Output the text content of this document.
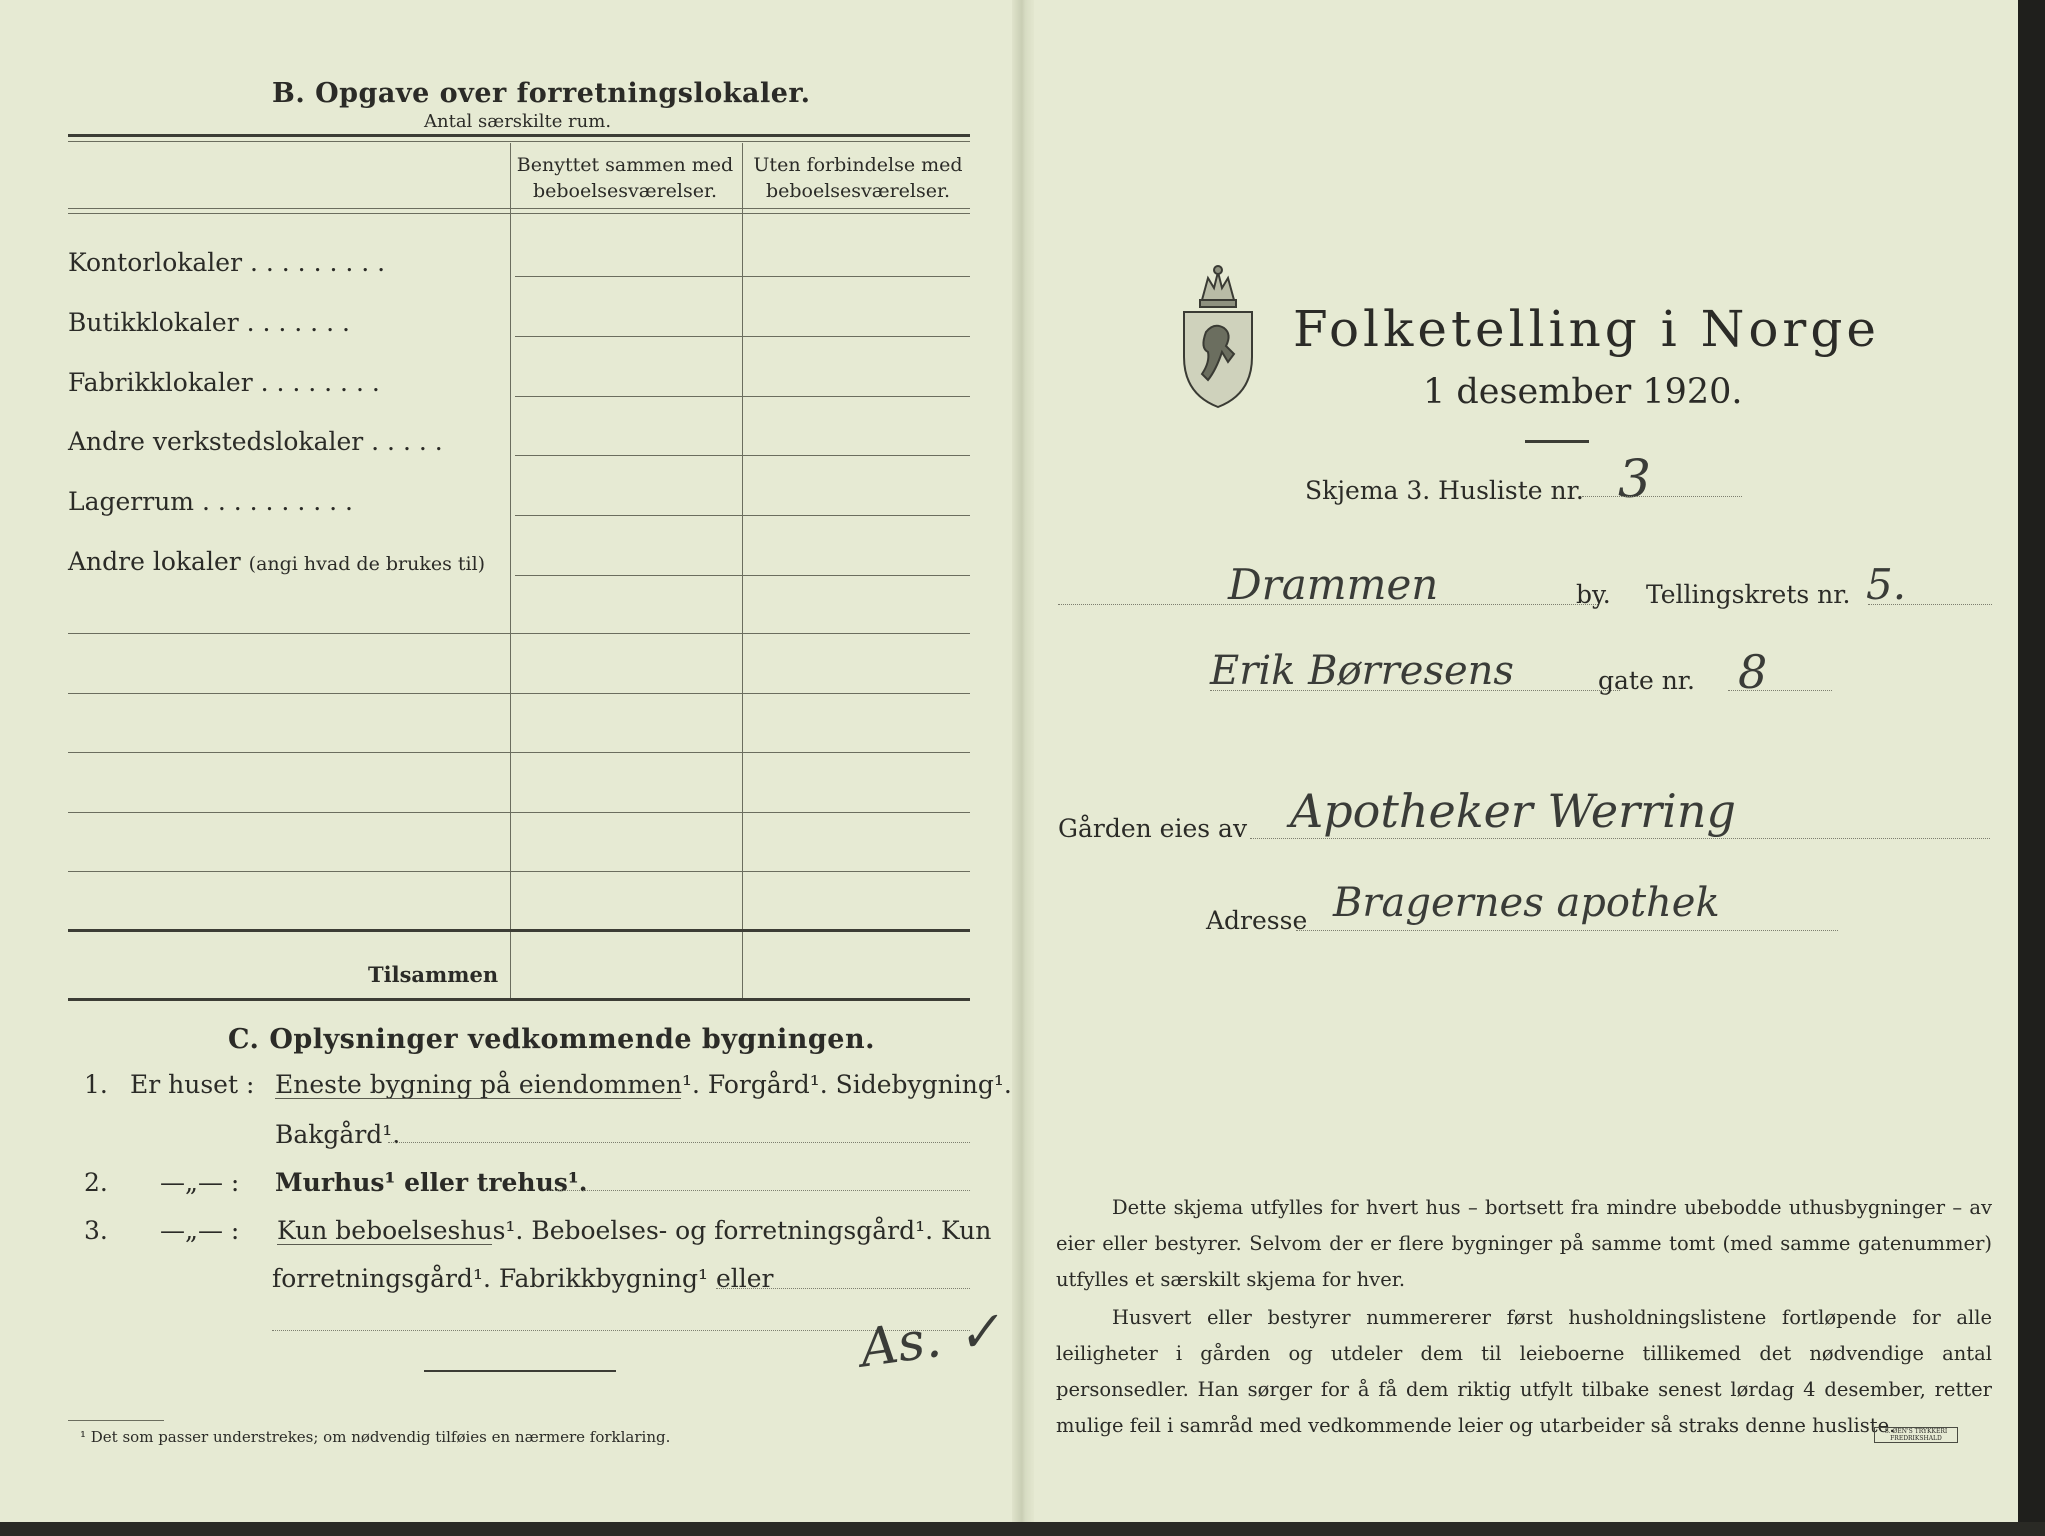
B. Opgave over forretningslokaler.
Antal særskilte rum.
Benyttet sammen med beboelsesværelser.
Uten forbindelse med beboelsesværelser.
Kontorlokaler . . . . . . . . .
Butikklokaler . . . . . . .
Fabrikklokaler . . . . . . . .
Andre verkstedslokaler . . . . .
Lagerrum . . . . . . . . . .
Andre lokaler (angi hvad de brukes til)
Tilsammen
C. Oplysninger vedkommende bygningen.
1. Er huset : Eneste bygning på eiendommen¹. Forgård¹. Sidebygning¹.
Bakgård¹.
2. —„— : Murhus¹ eller trehus¹.
3. —„— : Kun beboelseshus¹. Beboelses- og forretningsgård¹. Kun
forretningsgård¹. Fabrikkbygning¹ eller
¹ Det som passer understrekes; om nødvendig tilføies en nærmere forklaring.
As. ✓
Folketelling i Norge
1 desember 1920.
Skjema 3. Husliste nr. 3
Drammen	by. Tellingskrets nr. 5.
Erik Børresens	gate nr. 8
Gården eies av Apotheker Werring
Adresse Bragernes apothek
Dette skjema utfylles for hvert hus – bortsett fra mindre ubebodde uthusbygninger – av eier eller bestyrer. Selvom der er flere bygninger på samme tomt (med samme gatenummer) utfylles et særskilt skjema for hver.
Husvert eller bestyrer nummererer først husholdningslistene fortløpende for alle leiligheter i gården og utdeler dem til leieboerne tillikemed det nødvendige antal personsedler. Han sørger for å få dem riktig utfylt tilbake senest lørdag 4 desember, retter mulige feil i samråd med vedkommende leier og utarbeider så straks denne husliste.
S. ØEN'S TRYKKERI FREDRIKSHALD
